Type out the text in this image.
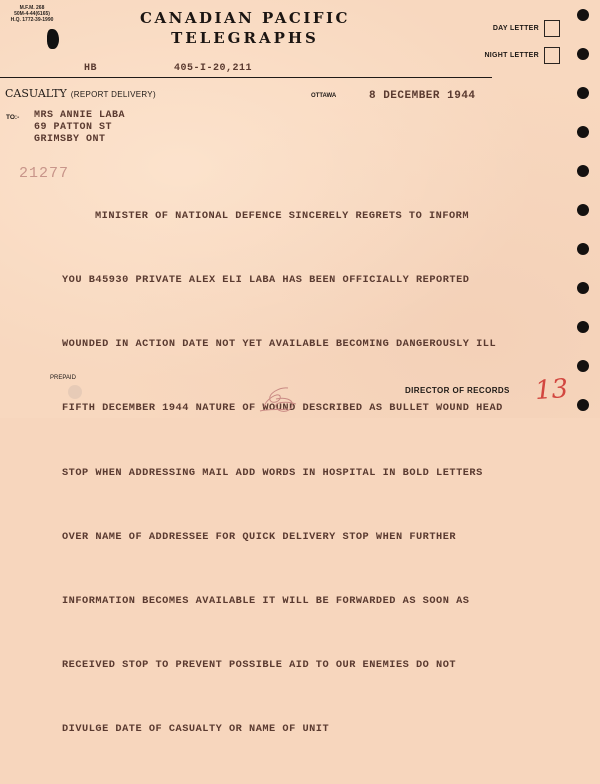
M.F.M. 268
50M-4-44(6165)
H.Q. 1772-39-1990	CANADIAN PACIFIC
TELEGRAPHS
DAY LETTER
NIGHT LETTER
HB	405-I-20,211
CASUALTY (REPORT DELIVERY)	OTTAWA	8 DECEMBER 1944
TO:- MRS ANNIE LABA
69 PATTON ST
GRIMSBY ONT
21277

MINISTER OF NATIONAL DEFENCE SINCERELY REGRETS TO INFORM

YOU B45930 PRIVATE ALEX ELI LABA HAS BEEN OFFICIALLY REPORTED

WOUNDED IN ACTION DATE NOT YET AVAILABLE BECOMING DANGEROUSLY ILL

FIFTH DECEMBER 1944 NATURE OF WOUND DESCRIBED AS BULLET WOUND HEAD

STOP WHEN ADDRESSING MAIL ADD WORDS IN HOSPITAL IN BOLD LETTERS

OVER NAME OF ADDRESSEE FOR QUICK DELIVERY STOP WHEN FURTHER

INFORMATION BECOMES AVAILABLE IT WILL BE FORWARDED AS SOON AS

RECEIVED STOP TO PREVENT POSSIBLE AID TO OUR ENEMIES DO NOT

DIVULGE DATE OF CASUALTY OR NAME OF UNIT

PREPAID
DIRECTOR OF RECORDS 13
